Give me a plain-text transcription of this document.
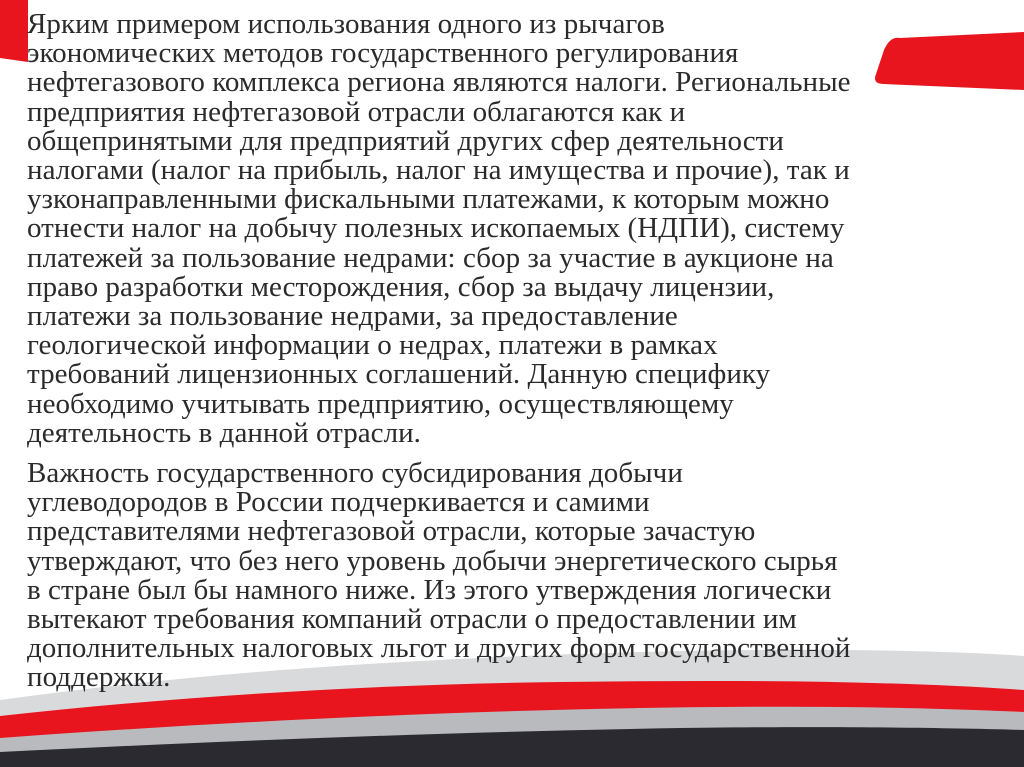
Ярким примером использования одного из рычагов

экономических методов государственного регулирования

нефтегазового комплекса региона являются налоги. Региональные

предприятия нефтегазовой отрасли облагаются как и

общепринятыми для предприятий других сфер деятельности

налогами (налог на прибыль, налог на имущества и прочие), так и

узконаправленными фискальными платежами, к которым можно

отнести налог на добычу полезных ископаемых (НДПИ), систему

платежей за пользование недрами: сбор за участие в аукционе на

право разработки месторождения, сбор за выдачу лицензии,

платежи за пользование недрами, за предоставление

геологической информации о недрах, платежи в рамках

требований лицензионных соглашений. Данную специфику

необходимо учитывать предприятию, осуществляющему

деятельность в данной отрасли.

Важность государственного субсидирования добычи

углеводородов в России подчеркивается и самими

представителями нефтегазовой отрасли, которые зачастую

утверждают, что без него уровень добычи энергетического сырья

в стране был бы намного ниже. Из этого утверждения логически

вытекают требования компаний отрасли о предоставлении им

дополнительных налоговых льгот и других форм государственной

поддержки.
